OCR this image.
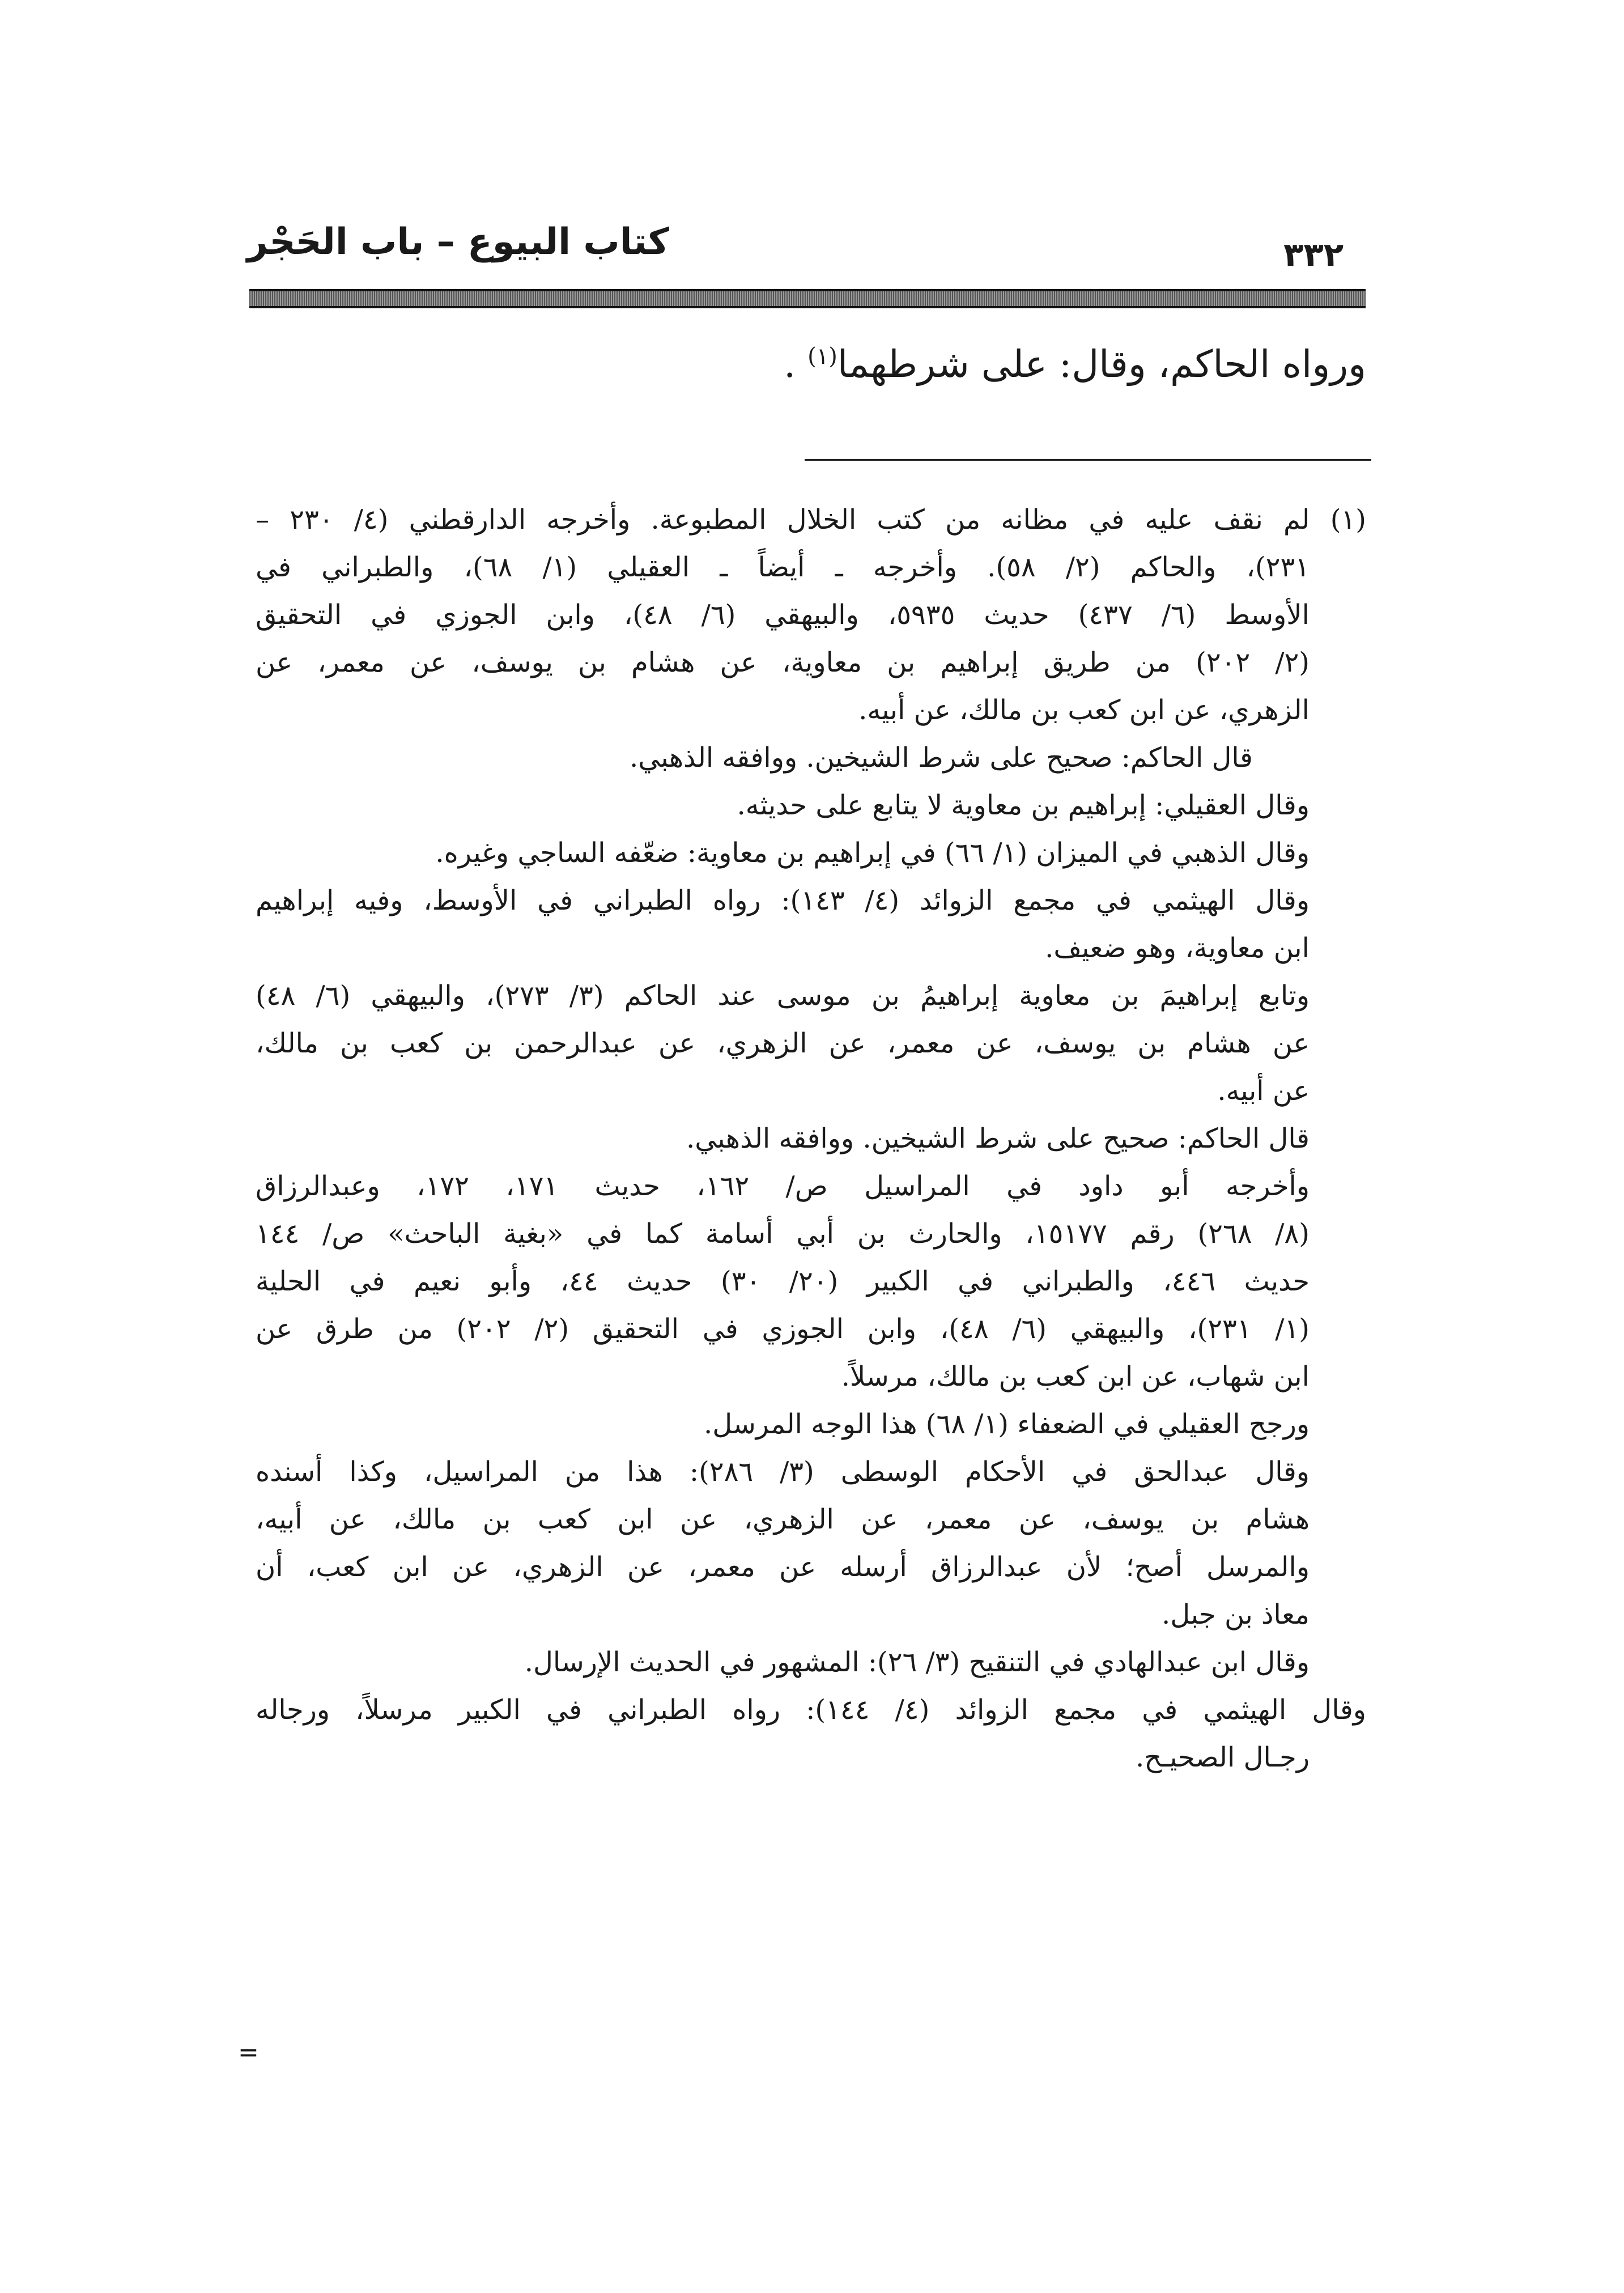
كتاب البيوع – باب الحَجْر	٣٣٢
ورواه الحاكم، وقال: على شرطهما$^{(١)}$ .
(١) لم نقف عليه في مظانه من كتب الخلال المطبوعة. وأخرجه الدارقطني (٤/ ٢٣٠ –
٢٣١)، والحاكم (٢/ ٥٨). وأخرجه ـ أيضاً ـ العقيلي (١/ ٦٨)، والطبراني في
الأوسط (٦/ ٤٣٧) حديث ٥٩٣٥، والبيهقي (٦/ ٤٨)، وابن الجوزي في التحقيق
(٢/ ٢٠٢) من طريق إبراهيم بن معاوية، عن هشام بن يوسف، عن معمر، عن
الزهري، عن ابن كعب بن مالك، عن أبيه.
قال الحاكم: صحيح على شرط الشيخين. ووافقه الذهبي.
وقال العقيلي: إبراهيم بن معاوية لا يتابع على حديثه.
وقال الذهبي في الميزان (١/ ٦٦) في إبراهيم بن معاوية: ضعّفه الساجي وغيره.
وقال الهيثمي في مجمع الزوائد (٤/ ١٤٣): رواه الطبراني في الأوسط، وفيه إبراهيم
ابن معاوية، وهو ضعيف.
وتابع إبراهيمَ بن معاوية إبراهيمُ بن موسى عند الحاكم (٣/ ٢٧٣)، والبيهقي (٦/ ٤٨)
عن هشام بن يوسف، عن معمر، عن الزهري، عن عبدالرحمن بن كعب بن مالك،
عن أبيه.
قال الحاكم: صحيح على شرط الشيخين. ووافقه الذهبي.
وأخرجه أبو داود في المراسيل ص/ ١٦٢، حديث ١٧١، ١٧٢، وعبدالرزاق
(٨/ ٢٦٨) رقم ١٥١٧٧، والحارث بن أبي أسامة كما في «بغية الباحث» ص/ ١٤٤
حديث ٤٤٦، والطبراني في الكبير (٢٠/ ٣٠) حديث ٤٤، وأبو نعيم في الحلية
(١/ ٢٣١)، والبيهقي (٦/ ٤٨)، وابن الجوزي في التحقيق (٢/ ٢٠٢) من طرق عن
ابن شهاب، عن ابن كعب بن مالك، مرسلاً.
ورجح العقيلي في الضعفاء (١/ ٦٨) هذا الوجه المرسل.
وقال عبدالحق في الأحكام الوسطى (٣/ ٢٨٦): هذا من المراسيل، وكذا أسنده
هشام بن يوسف، عن معمر، عن الزهري، عن ابن كعب بن مالك، عن أبيه،
والمرسل أصح؛ لأن عبدالرزاق أرسله عن معمر، عن الزهري، عن ابن كعب، أن
معاذ بن جبل.
وقال ابن عبدالهادي في التنقيح (٣/ ٢٦): المشهور في الحديث الإرسال.
وقال الهيثمي في مجمع الزوائد (٤/ ١٤٤): رواه الطبراني في الكبير مرسلاً، ورجاله
رجـال الصحيـح.
=
